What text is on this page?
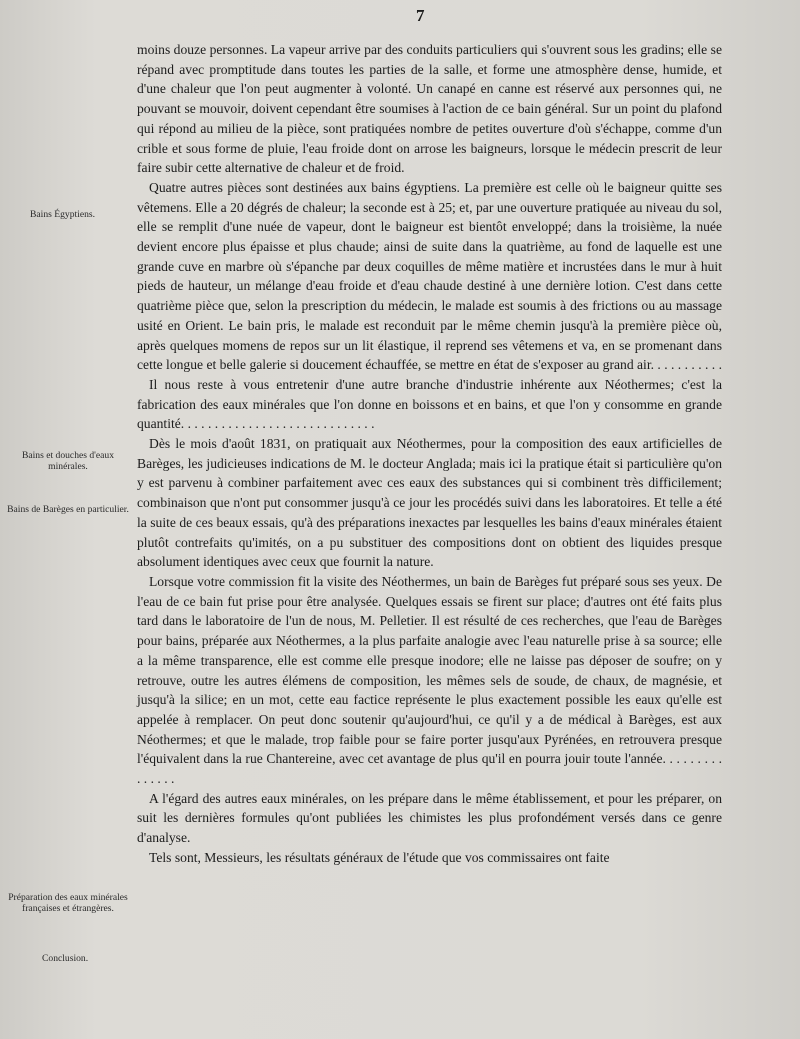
7
Bains Égyptiens.
Bains et douches d'eaux minérales.
Bains de Barèges en particulier.
Préparation des eaux minérales françaises et étrangères.
Conclusion.

moins douze personnes. La vapeur arrive par des conduits particuliers qui s'ouvrent sous les gradins; elle se répand avec promptitude dans toutes les parties de la salle, et forme une atmosphère dense, humide, et d'une chaleur que l'on peut augmenter à volonté. Un canapé en canne est réservé aux personnes qui, ne pouvant se mouvoir, doivent cependant être soumises à l'action de ce bain général. Sur un point du plafond qui répond au milieu de la pièce, sont pratiquées nombre de petites ouverture d'où s'échappe, comme d'un crible et sous forme de pluie, l'eau froide dont on arrose les baigneurs, lorsque le médecin prescrit de leur faire subir cette alternative de chaleur et de froid.

Quatre autres pièces sont destinées aux bains égyptiens. La première est celle où le baigneur quitte ses vêtemens. Elle a 20 dégrés de chaleur; la seconde est à 25; et, par une ouverture pratiquée au niveau du sol, elle se remplit d'une nuée de vapeur, dont le baigneur est bientôt enveloppé; dans la troisième, la nuée devient encore plus épaisse et plus chaude; ainsi de suite dans la quatrième, au fond de laquelle est une grande cuve en marbre où s'épanche par deux coquilles de même matière et incrustées dans le mur à huit pieds de hauteur, un mélange d'eau froide et d'eau chaude destiné à une dernière lotion. C'est dans cette quatrième pièce que, selon la prescription du médecin, le malade est soumis à des frictions ou au massage usité en Orient. Le bain pris, le malade est reconduit par le même chemin jusqu'à la première pièce où, après quelques momens de repos sur un lit élastique, il reprend ses vêtemens et va, en se promenant dans cette longue et belle galerie si doucement échauffée, se mettre en état de s'exposer au grand air. . . . . . . . . . .

Il nous reste à vous entretenir d'une autre branche d'industrie inhérente aux Néothermes; c'est la fabrication des eaux minérales que l'on donne en boissons et en bains, et que l'on y consomme en grande quantité. . . . . . . . . . . . . . . . . . . . . . . . . . . . .

Dès le mois d'août 1831, on pratiquait aux Néothermes, pour la composition des eaux artificielles de Barèges, les judicieuses indications de M. le docteur Anglada; mais ici la pratique était si particulière qu'on y est parvenu à combiner parfaitement avec ces eaux des substances qui si combinent très difficilement; combinaison que n'ont put consommer jusqu'à ce jour les procédés suivi dans les laboratoires. Et telle a été la suite de ces beaux essais, qu'à des préparations inexactes par lesquelles les bains d'eaux minérales étaient plutôt contrefaits qu'imités, on a pu substituer des compositions dont on obtient des liquides presque absolument identiques avec ceux que fournit la nature.

Lorsque votre commission fit la visite des Néothermes, un bain de Barèges fut préparé sous ses yeux. De l'eau de ce bain fut prise pour être analysée. Quelques essais se firent sur place; d'autres ont été faits plus tard dans le laboratoire de l'un de nous, M. Pelletier. Il est résulté de ces recherches, que l'eau de Barèges pour bains, préparée aux Néothermes, a la plus parfaite analogie avec l'eau naturelle prise à sa source; elle a la même transparence, elle est comme elle presque inodore; elle ne laisse pas déposer de soufre; on y retrouve, outre les autres élémens de composition, les mêmes sels de soude, de chaux, de magnésie, et jusqu'à la silice; en un mot, cette eau factice représente le plus exactement possible les eaux qu'elle est appelée à remplacer. On peut donc soutenir qu'aujourd'hui, ce qu'il y a de médical à Barèges, est aux Néothermes; et que le malade, trop faible pour se faire porter jusqu'aux Pyrénées, en retrouvera presque l'équivalent dans la rue Chantereine, avec cet avantage de plus qu'il en pourra jouir toute l'année. . . . . . . . . . . . . . .

A l'égard des autres eaux minérales, on les prépare dans le même établissement, et pour les préparer, on suit les dernières formules qu'ont publiées les chimistes les plus profondément versés dans ce genre d'analyse.

Tels sont, Messieurs, les résultats généraux de l'étude que vos commissaires ont faite
